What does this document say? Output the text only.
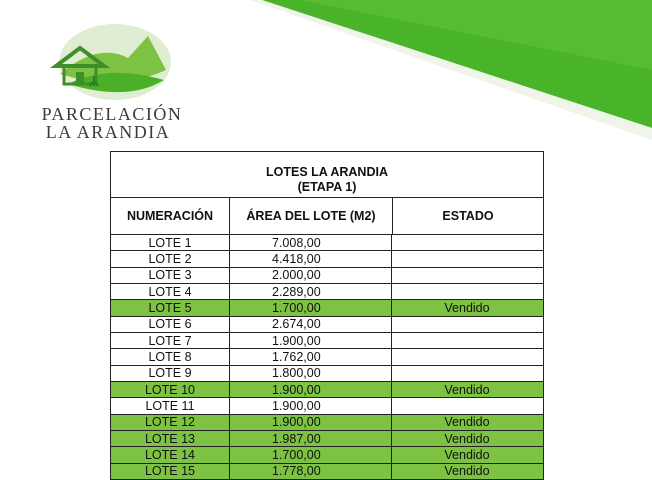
PARCELACIÓN
LA ARANDIA
LOTES LA ARANDIA
(ETAPA 1)
NUMERACIÓN	ÁREA DEL LOTE (M2)	ESTADO
LOTE 1	7.008,00
LOTE 2	4.418,00
LOTE 3	2.000,00
LOTE 4	2.289,00
LOTE 5	1.700,00	Vendido
LOTE 6	2.674,00
LOTE 7	1.900,00
LOTE 8	1.762,00
LOTE 9	1.800,00
LOTE 10	1.900,00	Vendido
LOTE 11	1.900,00
LOTE 12	1.900,00	Vendido
LOTE 13	1.987,00	Vendido
LOTE 14	1.700,00	Vendido
LOTE 15	1.778,00	Vendido
